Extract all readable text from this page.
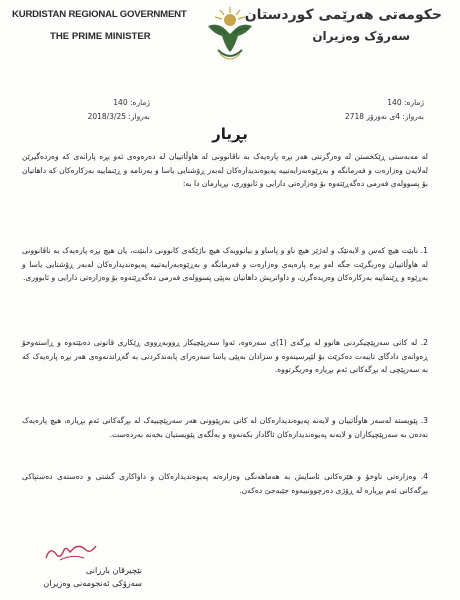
KURDISTAN REGIONAL GOVERNMENT
THE PRIME MINISTER
حکومەتی هەرێمی کوردستان
سەرۆک وەزیران
ژمارە: 140
بەروار: 2018/3/25
ژمارە: 140
بەروار: 4ی نەورۆز 2718
بڕیار
لە مەبەستی ڕێکخستن لە وەرگرتنی هەر بڕە پارەیەک بە ناڤانوونی لە هاوڵاتییان لە دەرەوەی ئەو بڕە پارانەی کە وەردەگیرێن لەلایەن وەزارەت و فەرمانگە و بەڕێوەبەرایەتییە پەیوەندیدارەکان لەبەر ڕۆشنایی یاسا و بەرنامە و ڕێنماییە بەرکارەکان کە داهاتیان بۆ پسوولەی فەرمی دەگەڕێتەوە بۆ وەزارەتی دارایی و ئابووری، بڕیارمان دا بە:
1. نابێت هیچ کەس و لایەنێک و لەژێر هیچ ناو و پاساو و بیانوویەک هیچ باژێکەی کانوونی دابنێت، یان هیچ بڕە پارەیەک بە ناڤانوونی لە هاوڵاتییان وەربگرێت جگە لەو بڕە پارەیەی وەزارەت و فەرمانگە و بەڕێوەبەرایەتییە پەیوەندیدارەکان لەبەر ڕۆشنایی یاسا و بەڕێوە و ڕێنماییە بەرکارەکان وەریدەگرن، و داواتریش داهاتیان بەپێی پسوولەی فەرمی دەگەڕێتەوە بۆ وەزارەتی دارایی و ئابووری.
2. لە کاتی سەرپێچیکردنی هاتوو لە بڕگەی (1)ی سەرەوە، ئەوا سەرپێچیکار ڕووبەڕووی ڕێکاری قانونی دەبێتەوە و ڕاستەوخۆ ڕەوانەی دادگای تایبەت دەکرێت بۆ لێپرسینەوە و سزادان بەپێی یاسا سەرەرای پابەندکردنی بە گەڕاندنەوەی هەر بڕە پارەیەک کە بە سەرپێچی لە بڕگەکانی ئەم بڕیارە وەریگرتووە.
3. پێویستە لەسەر هاوڵاتییان و لایەنە پەیوەندیدارەکان لە کاتی بەرپێوونی هەر سەرپێچییەک لە بڕگەکانی ئەم بڕیارە، هیچ پارەیەک نەدەن بە سەرپێچیکاران و لایەنە پەیوەندیدارەکان ئاگادار بکەنەوە و بەڵگەی پێویستیان بخەنە بەردەست.
4. وەزارەتی ناوخۆ و هێزەکانی ئاسایش بە هەماهەنگی وەزارەتە پەیوەندیدارەکان و داواکاری گشتی و دەستەی دەستپاکی بڕگەکانی ئەم بڕیارە لە ڕۆژی دەرچوونییەوە جێبەجێ دەکەن.
نێچیرڤان بارزانی
سەرۆکی ئەنجومەنی وەزیران
